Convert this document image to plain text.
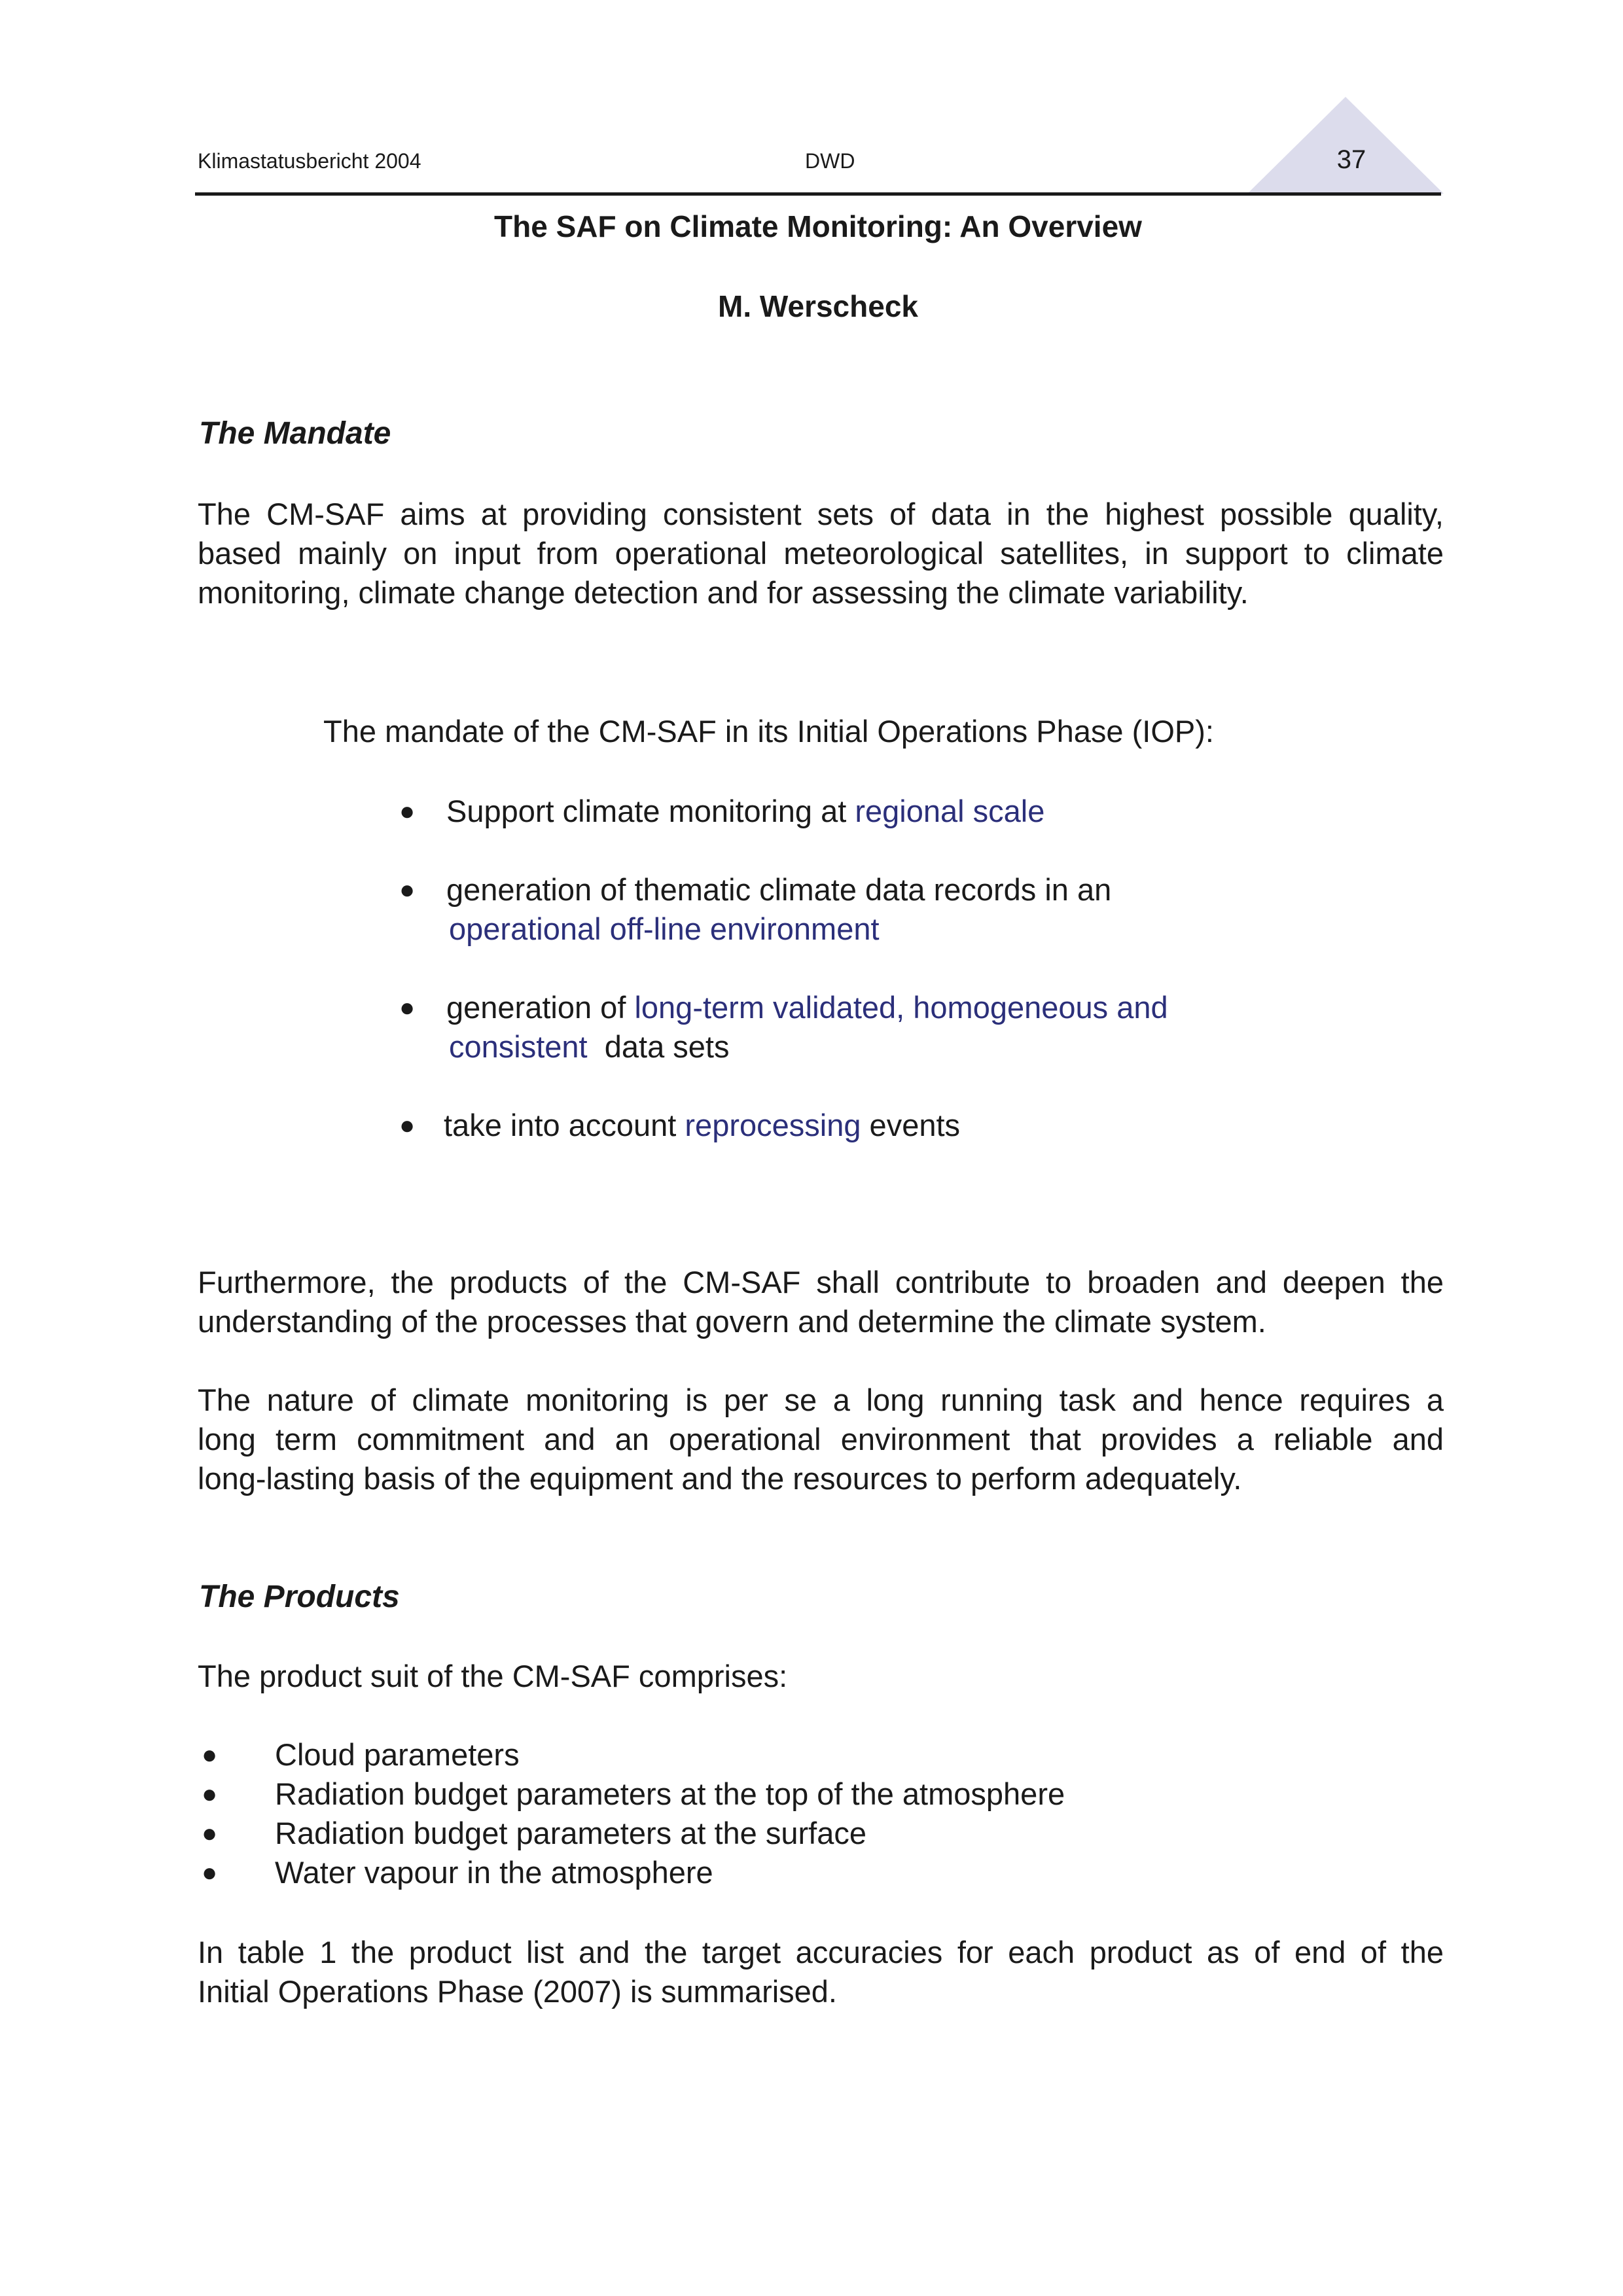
Klimastatusbericht 2004	DWD	37
The SAF on Climate Monitoring: An Overview
M. Werscheck
The Mandate
The CM-SAF aims at providing consistent sets of data in the highest possible quality,
based mainly on input from operational meteorological satellites, in support to climate
monitoring, climate change detection and for assessing the climate variability.
The mandate of the CM-SAF in its Initial Operations Phase (IOP):
● Support climate monitoring at regional scale
● generation of thematic climate data records in an
operational off-line environment
● generation of long-term validated, homogeneous and
consistent  data sets
● take into account reprocessing events
Furthermore, the products of the CM-SAF shall contribute to broaden and deepen the
understanding of the processes that govern and determine the climate system.
The nature of climate monitoring is per se a long running task and hence requires a
long term commitment and an operational environment that provides a reliable and
long-lasting basis of the equipment and the resources to perform adequately.
The Products
The product suit of the CM-SAF comprises:
● Cloud parameters
● Radiation budget parameters at the top of the atmosphere
● Radiation budget parameters at the surface
● Water vapour in the atmosphere
In table 1 the product list and the target accuracies for each product as of end of the
Initial Operations Phase (2007) is summarised.
